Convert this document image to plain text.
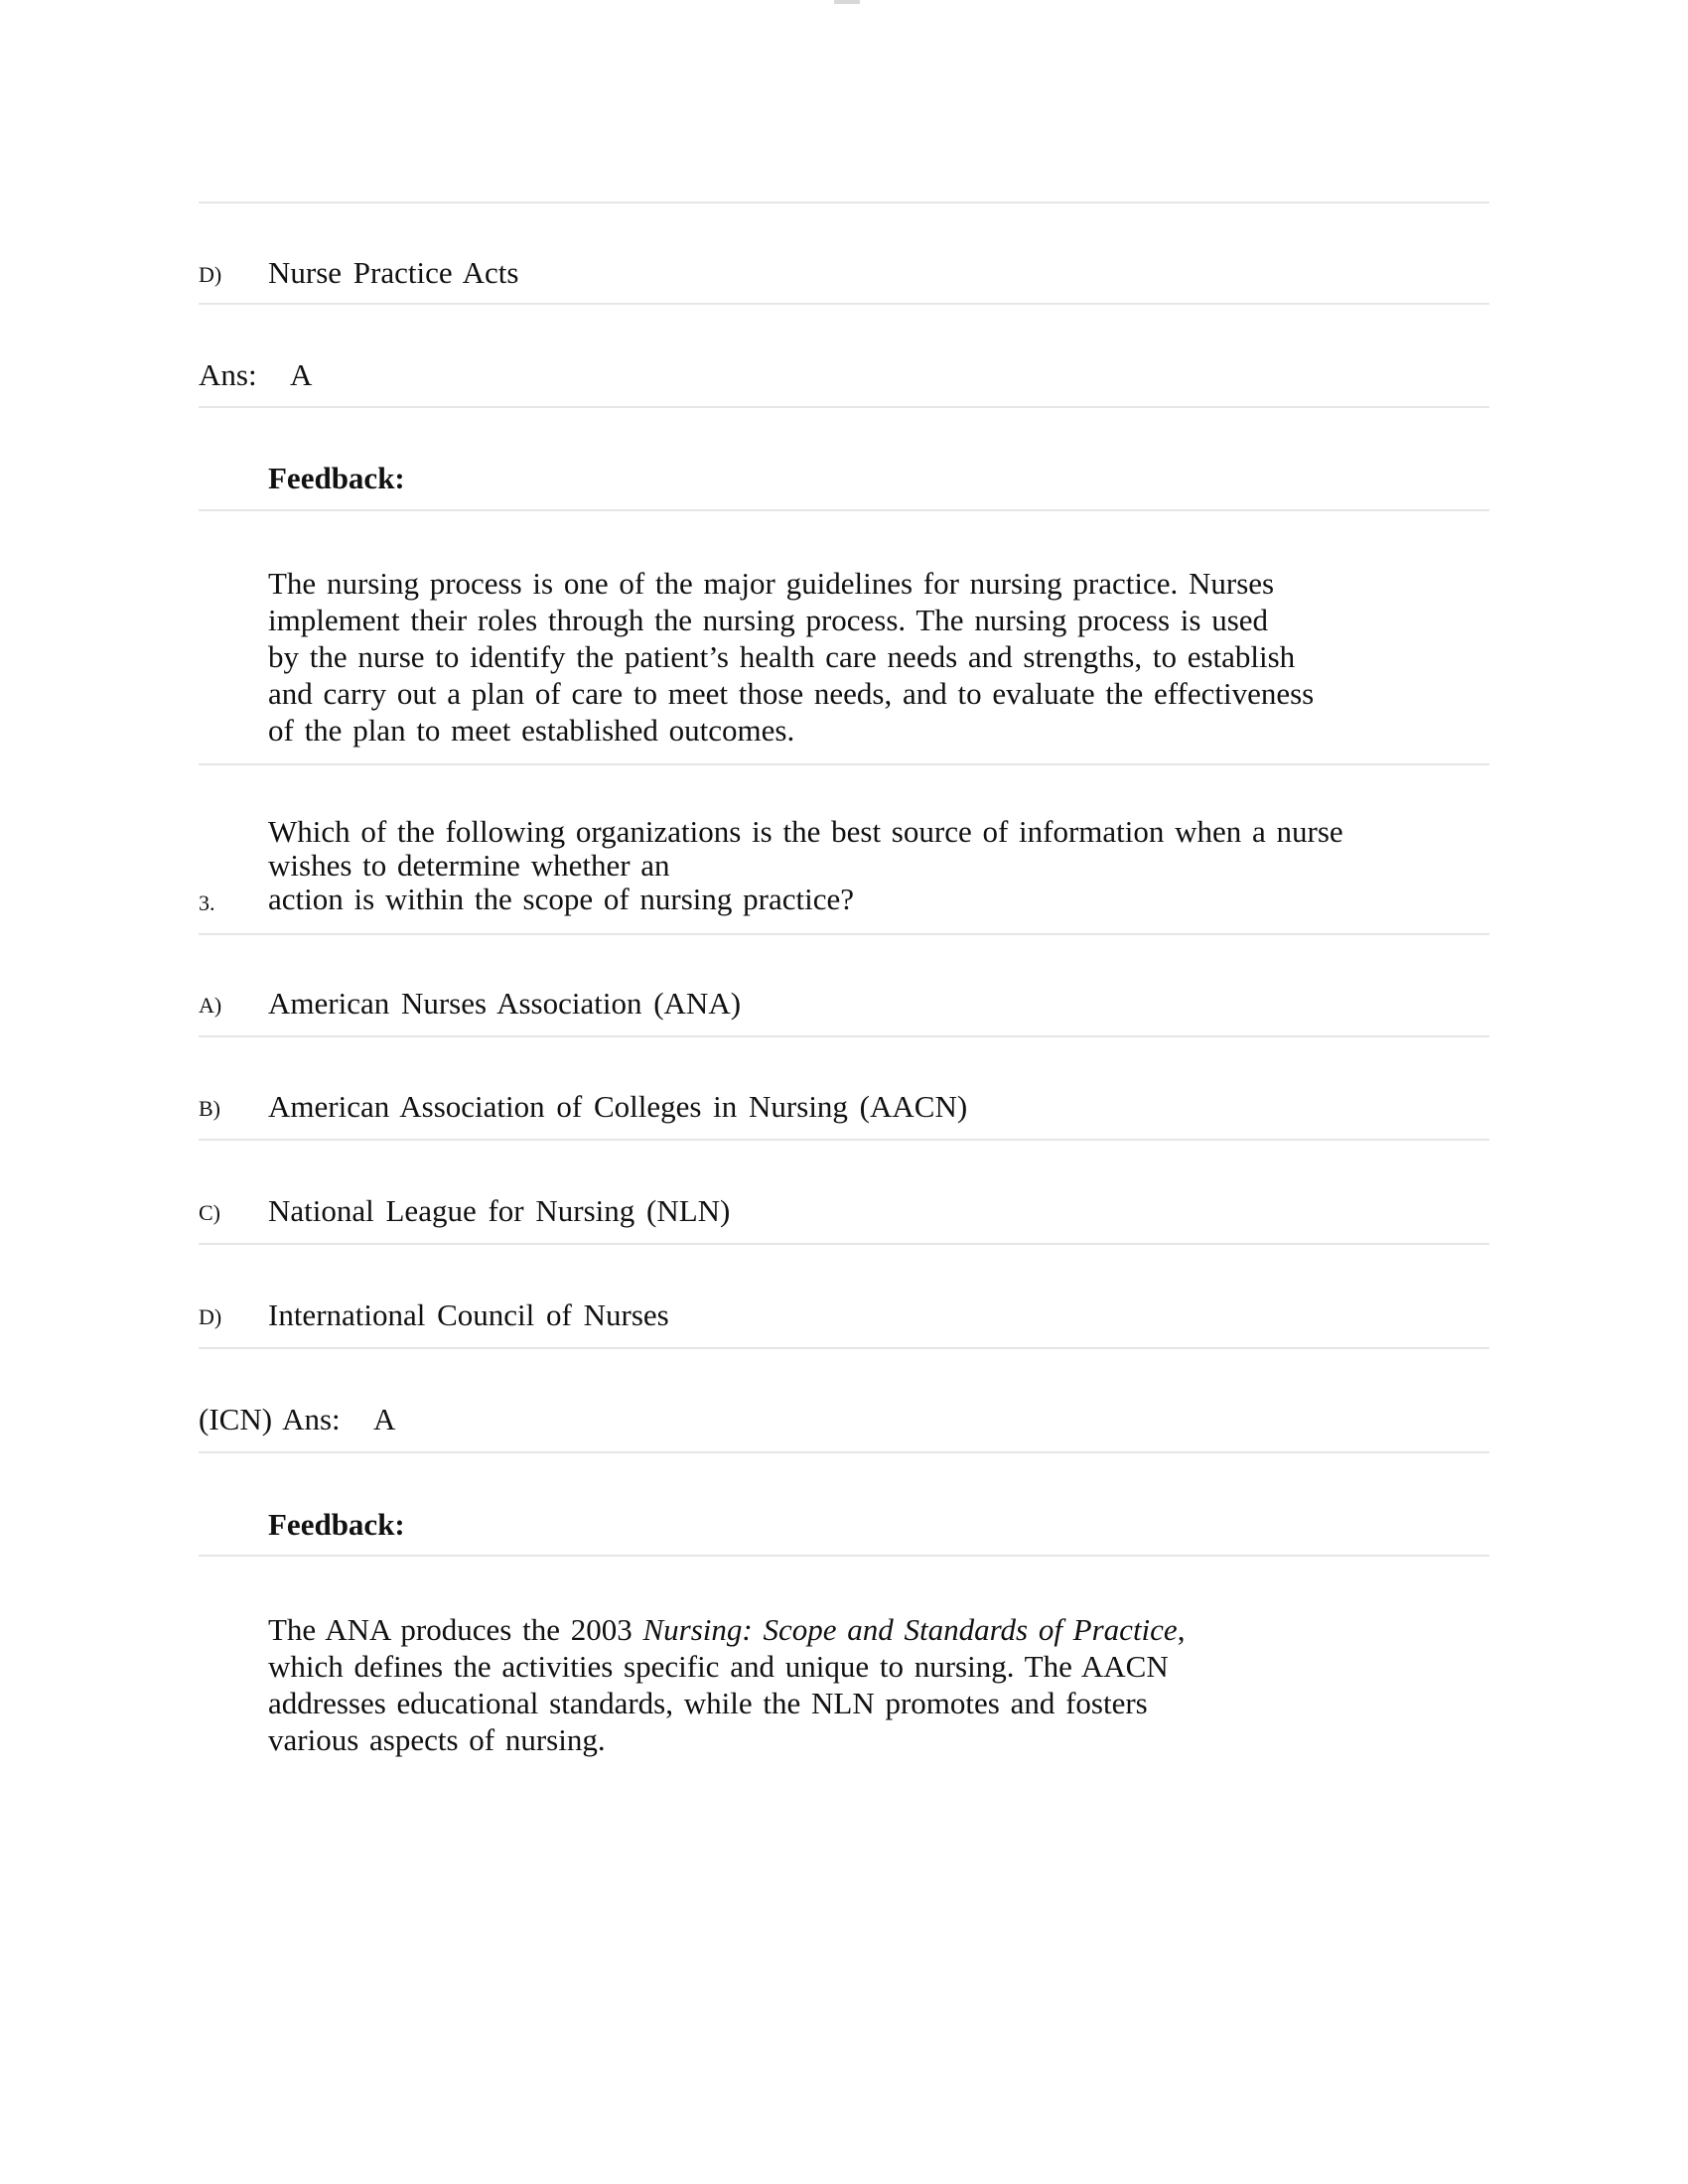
D) Nurse Practice Acts
Ans: A
Feedback:

The nursing process is one of the major guidelines for nursing practice. Nurses

implement their roles through the nursing process. The nursing process is used

by the nurse to identify the patient’s health care needs and strengths, to establish

and carry out a plan of care to meet those needs, and to evaluate the effectiveness

of the plan to meet established outcomes.

Which of the following organizations is the best source of information when a nurse

wishes to determine whether an

action is within the scope of nursing practice?

3.
A) American Nurses Association (ANA)
B) American Association of Colleges in Nursing (AACN)
C) National League for Nursing (NLN)
D) International Council of Nurses
(ICN) Ans: A
Feedback:

The ANA produces the 2003 Nursing: Scope and Standards of Practice,

which defines the activities specific and unique to nursing. The AACN

addresses educational standards, while the NLN promotes and fosters

various aspects of nursing.
